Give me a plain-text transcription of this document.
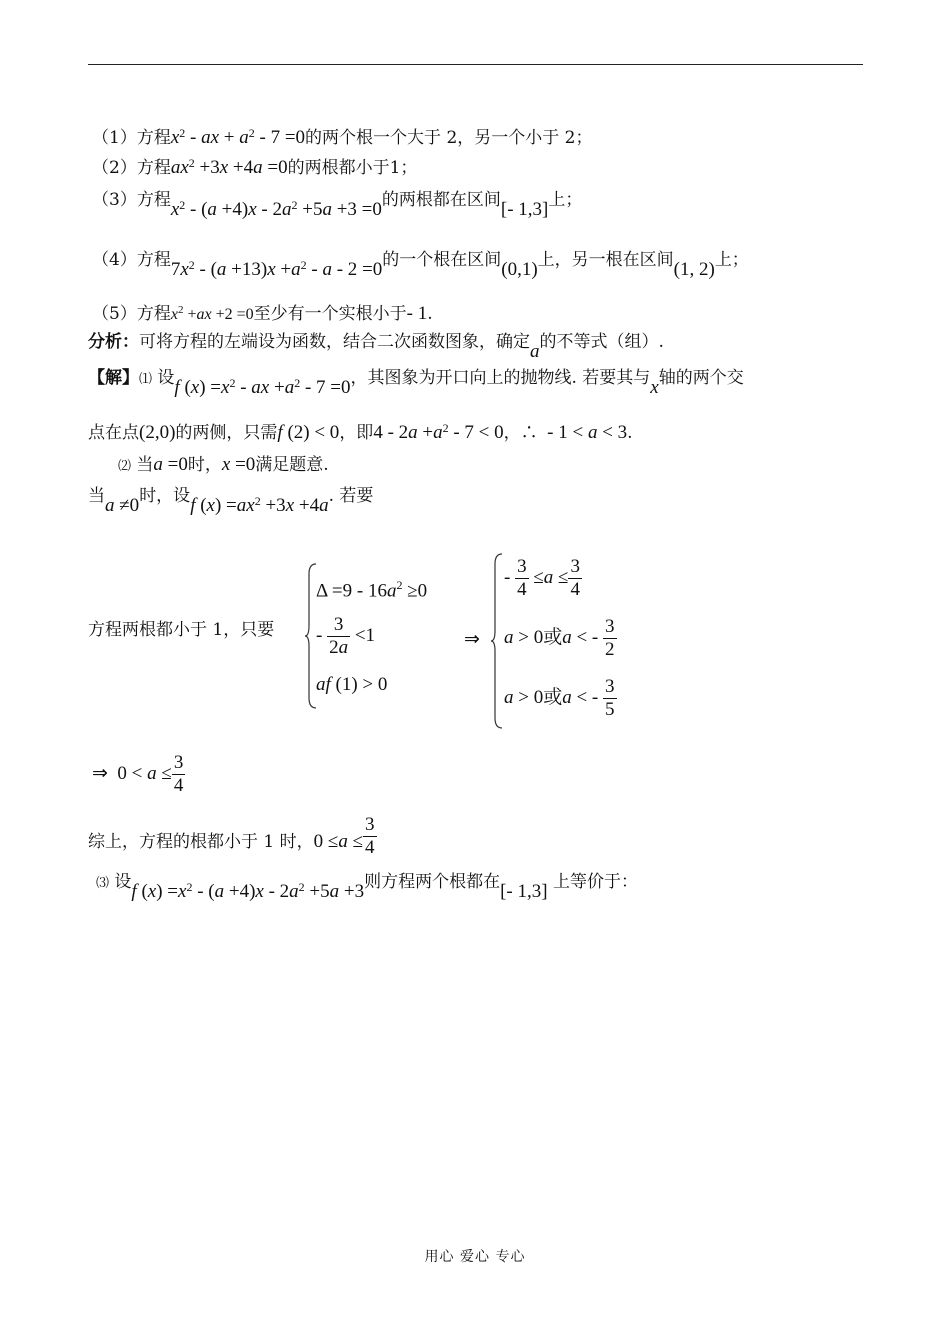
（1）方程$x^2$ - ax + $a^2 - 7 =0$的两个根一个大于 2，另一个小于 2；
（2）方程$ax^2 +3x +4a =0$的两根都小于1；
（3）方程$x^2 - (a +4)x - 2a^2 +5a +3 =0$的两根都在区间[- 1,3]上；
（4）方程$7x^2 - (a +13)x +a^2 - a - 2 =0$的一个根在区间(0,1)上，另一根在区间(1, 2)上；
（5）方程$x^2 +ax +2 =0$至少有一个实根小于- 1.
分析：可将方程的左端设为函数，结合二次函数图象，确定a的不等式（组）.
【解】⑴ 设f $(x) =x^2$ - ax $+a^2 - 7 =0$，其图象为开口向上的抛物线. 若要其与x轴的两个交
点在点(2,0)的两侧，只需f (2) < 0，即$4 - 2a +a^2 - 7 < 0$，∴  - 1 < a < 3.
⑵ 当a =0时，x =0满足题意.
当a ≠0时，设f $(x) =ax^2 +3x +4a$. 若要
方程两根都小于 1，只要
$\Delta =9 - 16a^2 \ge 0$
- $\frac{3}{2a} <1$
af (1) > 0
⇒
- $\frac{3}{4} \le a \le \frac{3}{4}$
a > 0或a < - $\frac{3}{2}$
a > 0或a < - $\frac{3}{5}$
⇒  $0 < a \le \frac{3}{4}$
综上，方程的根都小于 1 时，$0 \le a \le \frac{3}{4}$
⑶ 设f $(x) =x^2 - (a +4)x - 2a^2 +5a +3$则方程两个根都在[- 1,3] 上等价于：
用心 爱心 专心
